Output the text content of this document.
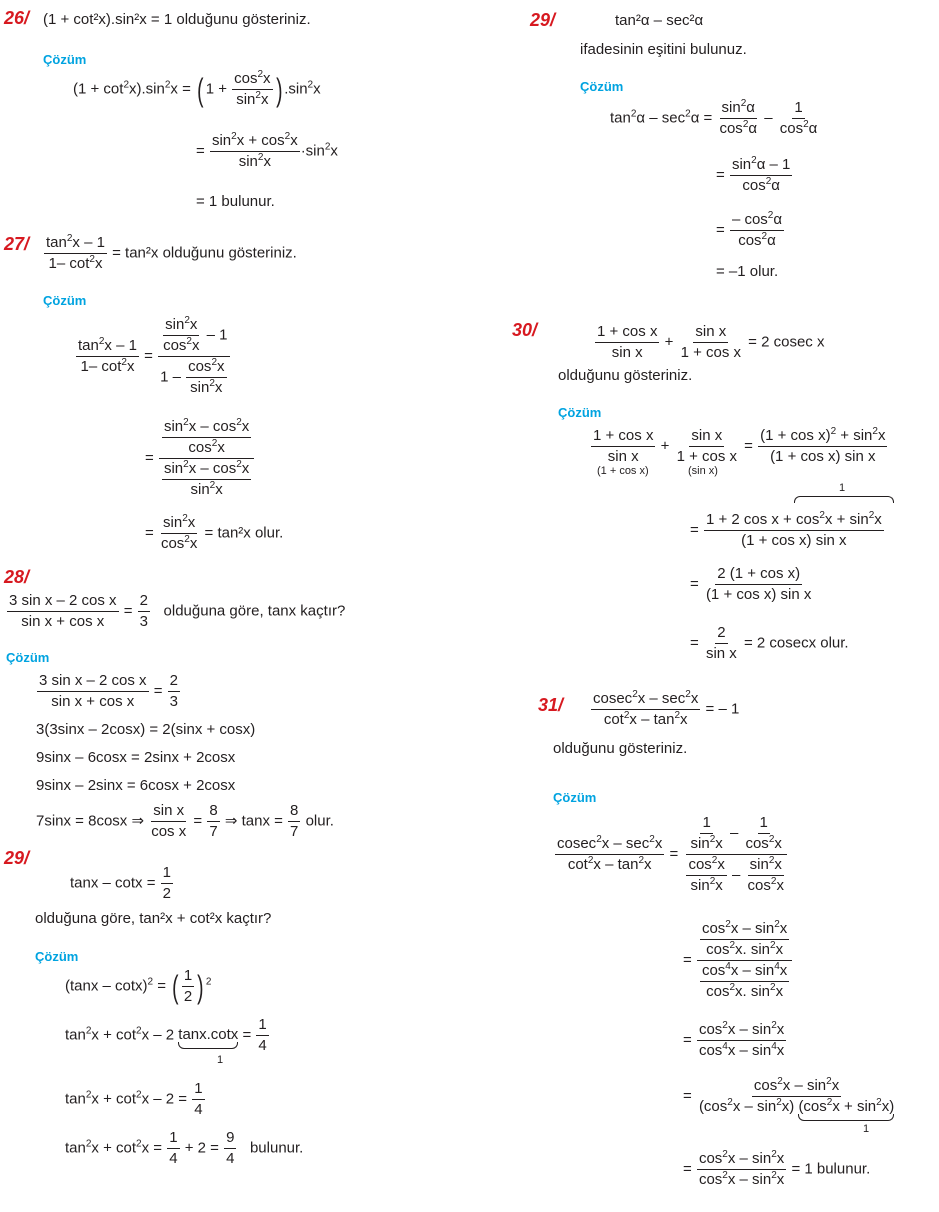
26/ (1 + cot²x).sin²x = 1 olduğunu gösteriniz.
Çözüm
$(1 + \cot^2x).\sin^2x$ = ( $1 + \frac{\cos^2x}{\sin^2x}$ ) $.\sin^2x$
= $\frac{\sin^2x + \cos^2x}{\sin^2x} \cdot\sin^2x$
= 1 bulunur.
$27/ \frac{\tan^2x - 1}{1- \cot^2x} = \tan^2x$ olduğunu gösteriniz.
Çözüm
$\frac{\tan^2x - 1}{1- \cot^2x} = \frac{\frac{\sin^2x}{\cos^2x} - 1}{1 - \frac{\cos^2x}{\sin^2x}}$
= $\frac{\frac{\sin^2x - \cos^2x}{\cos^2x}}{\frac{\sin^2x - \cos^2x}{\sin^2x}}$
= $\frac{\sin^2x}{\cos^2x} = \tan^2x$ olur.
28/
$\frac{\text{3 sin x – 2 cos x}}{\text{sin x + cos x}} = \frac{2}{3}$ olduğuna göre, tanx kaçtır?
Çözüm
$\frac{\text{3 sin x – 2 cos x}}{\text{sin x + cos x}} = \frac{2}{3}$
3(3sinx – 2cosx) = 2(sinx + cosx)
9sinx – 6cosx = 2sinx + 2cosx
9sinx – 2sinx = 6cosx + 2cosx
7sinx = 8cosx ⇒ $\frac{\text{sin x}}{\text{cos x}} = \frac{8}{7}$ ⇒ $\tan x = \frac{8}{7}$ olur.
29/
$\tan x - \cot x = \frac{1}{2}$
olduğuna göre, tan²x + cot²x kaçtır?
Çözüm
(tanx – cotx)$^2$ = ( $\frac{1}{2}$ ) $^2$
$\tan^2x + \cot^2x - 2$ tanx.cotx
= $\frac{1}{4}$
1
$\tan^2x + \cot^2x - 2 = \frac{1}{4}$
$\tan^2x + \cot^2x = \frac{1}{4} + 2 = \frac{9}{4}$ bulunur.
29/	tan²α – sec²α
ifadesinin eşitini bulunuz.
Çözüm
$\tan^2\alpha - \sec^2\alpha = \frac{\sin^2\alpha}{\cos^2\alpha} - \frac{1}{\cos^2\alpha}$
= $\frac{\sin^2\alpha - 1}{\cos^2\alpha}$
= $\frac{- \cos^2\alpha}{\cos^2\alpha}$
= –1 olur.
30/	$\frac{\text{1 + cos x}}{\text{sin x}} + \frac{\text{sin x}}{\text{1 + cos x}} = 2$ cosec x
olduğunu gösteriniz.
Çözüm
$\frac{\text{1 + cos x}}{\text{sin x}} + \frac{\text{sin x}}{\text{1 + cos x}} = \frac{(1 + \cos x)^2 + \sin^2x}{\text{(1 + cos x) sin x}}$
(1 + cos x)	(sin x)
1
= $\frac{1 + 2 \cos x + \cos^2x + \sin^2x}{\text{(1 + cos x) sin x}}$
= $\frac{\text{2 (1 + cos x)}}{\text{(1 + cos x) sin x}}$
= $\frac{2}{\text{sin x}} = 2$ cosecx olur.
$31/ \frac{cosec^2x - \sec^2x}{\cot^2x - \tan^2x}$ = – 1
olduğunu gösteriniz.
Çözüm
$\frac{cosec^2x - \sec^2x}{\cot^2x - \tan^2x} = \frac{\frac{1}{\sin^2x} - \frac{1}{\cos^2x}}{\frac{\cos^2x}{\sin^2x} - \frac{\sin^2x}{\cos^2x}}$
= $\frac{\frac{\cos^2x - \sin^2x}{\cos^2x. \sin^2x}}{\frac{\cos^4x - \sin^4x}{\cos^2x. \sin^2x}}$
= $\frac{\cos^2x - \sin^2x}{\cos^4x - \sin^4x}$
= $\frac{\cos^2x - \sin^2x}{(\cos^2x - \sin^2x) (\cos^2x + \sin^2x)}$
1
= $\frac{\cos^2x - \sin^2x}{\cos^2x - \sin^2x} = 1$ bulunur.
